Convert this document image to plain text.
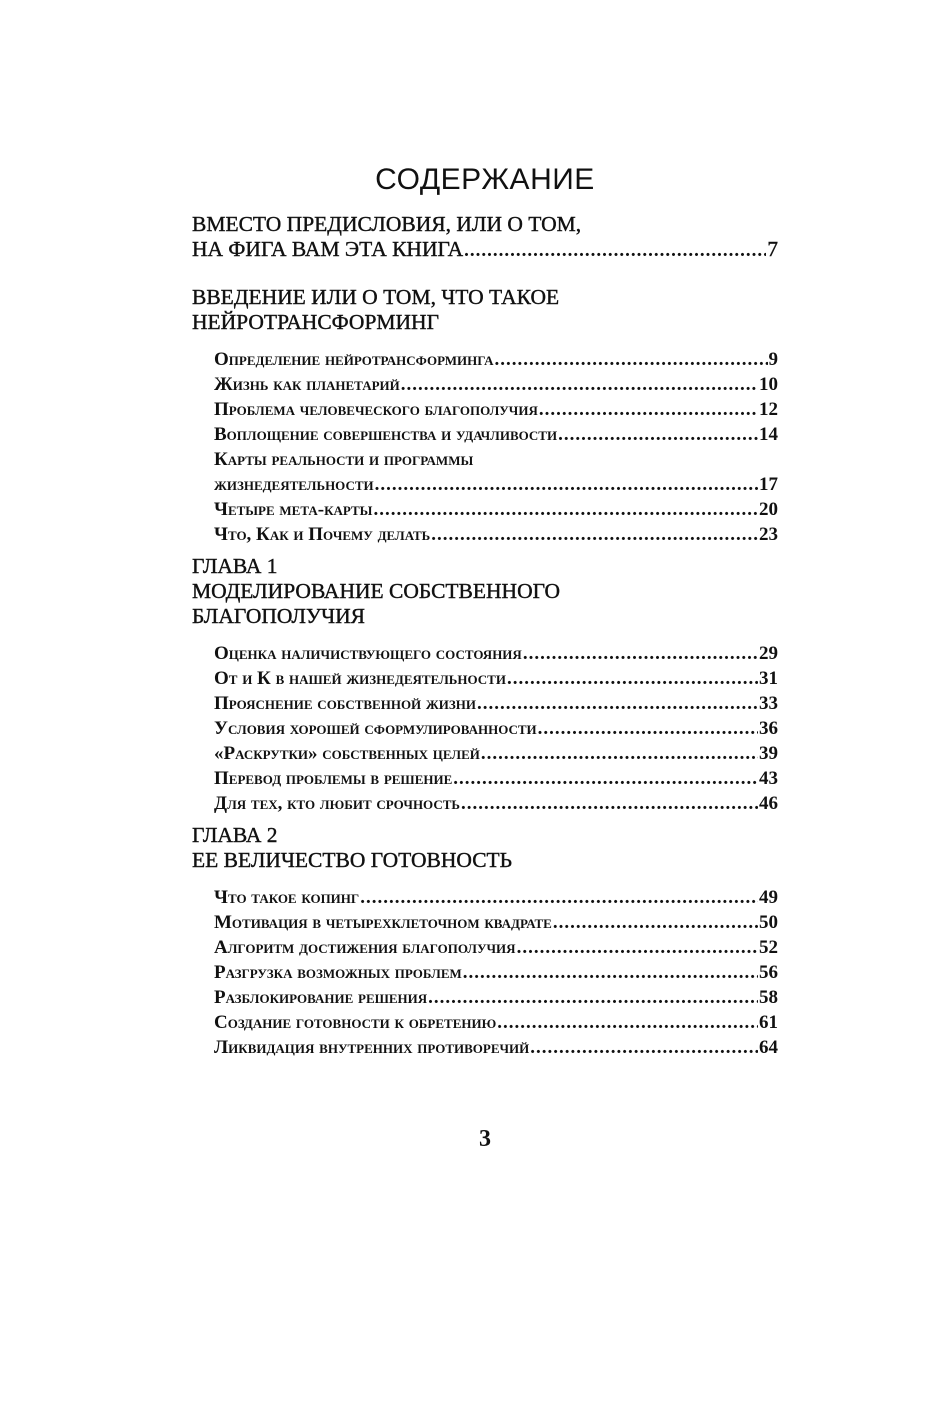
СОДЕРЖАНИЕ
ВМЕСТО ПРЕДИСЛОВИЯ, ИЛИ О ТОМ,
НА ФИГА ВАМ ЭТА КНИГА .....	7
ВВЕДЕНИЕ ИЛИ О ТОМ, ЧТО ТАКОЕ
НЕЙРОТРАНСФОРМИНГ
Определение нейротрансформинга .....	9
Жизнь как планетарий .....	10
Проблема человеческого благополучия .....	12
Воплощение совершенства и удачливости .....	14
Карты реальности и программы
жизнедеятельности .....	17
Четыре мета-карты .....	20
Что, Как и Почему делать .....	23
ГЛАВА 1
МОДЕЛИРОВАНИЕ СОБСТВЕННОГО
БЛАГОПОЛУЧИЯ
Оценка наличиствующего состояния .....	29
От и К в нашей жизнедеятельности .....	31
Прояснение собственной жизни .....	33
Условия хорошей сформулированности .....	36
«Раскрутки» собственных целей .....	39
Перевод проблемы в решение .....	43
Для тех, кто любит срочность .....	46
ГЛАВА 2
ЕЕ ВЕЛИЧЕСТВО ГОТОВНОСТЬ
Что такое копинг .....	49
Мотивация в четырехклеточном квадрате .....	50
Алгоритм достижения благополучия .....	52
Разгрузка возможных проблем .....	56
Разблокирование решения .....	58
Создание готовности к обретению .....	61
Ликвидация внутренних противоречий .....	64
3
